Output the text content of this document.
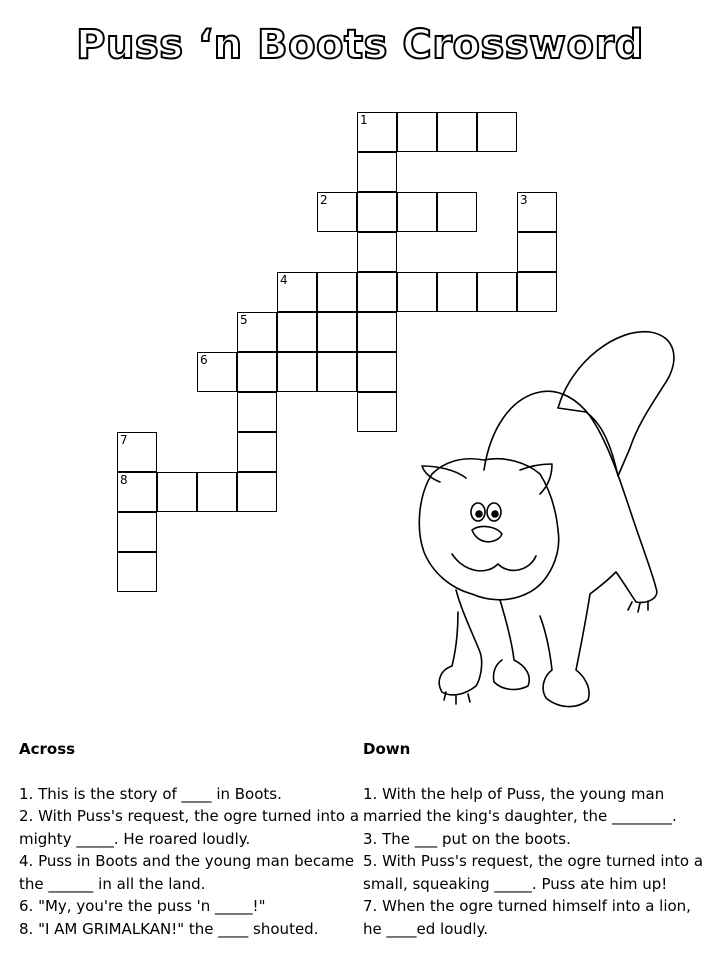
Puss ‘n Boots Crossword
1
2	3
4
5
6
7
8
Across

1. This is the story of ____ in Boots.

2. With Puss's request, the ogre turned into a mighty _____. He roared loudly.

4. Puss in Boots and the young man became the ______ in all the land.

6. "My, you're the puss 'n _____!"

8. "I AM GRIMALKAN!" the ____ shouted.

Down

1. With the help of Puss, the young man married the king's daughter, the ________.

3. The ___ put on the boots.

5. With Puss's request, the ogre turned into a small, squeaking _____. Puss ate him up!

7. When the ogre turned himself into a lion, he ____ed loudly.
